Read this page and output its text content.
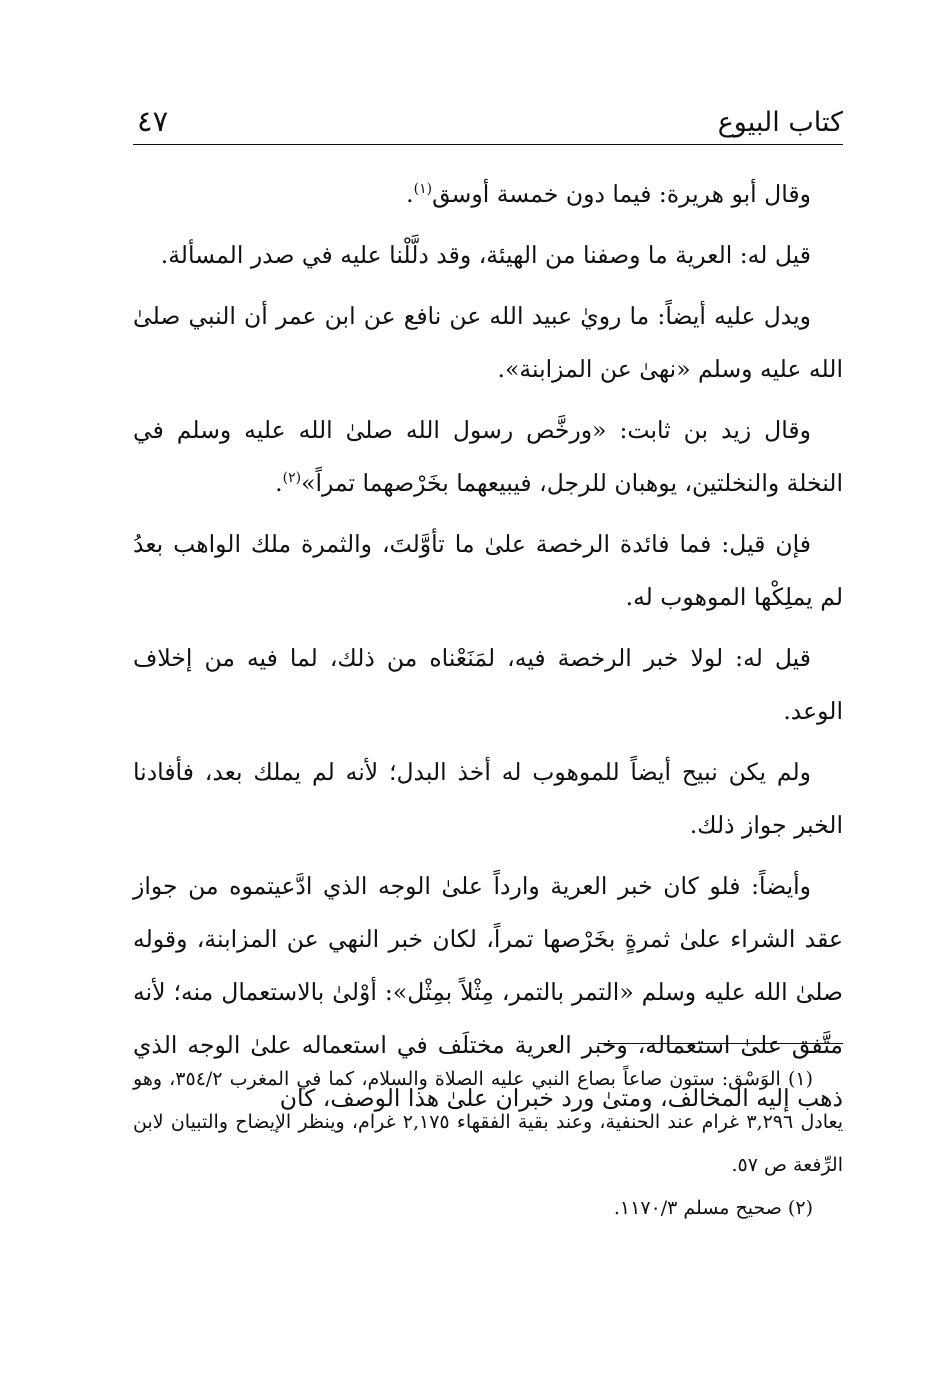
كتاب البيوع
٤٧

وقال أبو هريرة: فيما دون خمسة أوسق$^{(١)}$.

قيل له: العرية ما وصفنا من الهيئة، وقد دلَّلْنا عليه في صدر المسألة.

ويدل عليه أيضاً: ما رويٰ عبيد الله عن نافع عن ابن عمر أن النبي صلىٰ الله عليه وسلم «نهىٰ عن المزابنة».

وقال زيد بن ثابت: «ورخَّص رسول الله صلىٰ الله عليه وسلم في النخلة والنخلتين، يوهبان للرجل، فيبيعهما بخَرْصهما تمراً»$^{(٢)}$.

فإن قيل: فما فائدة الرخصة علىٰ ما تأوَّلتَ، والثمرة ملك الواهب بعدُ لم يملِكْها الموهوب له.

قيل له: لولا خبر الرخصة فيه، لمَنَعْناه من ذلك، لما فيه من إخلاف الوعد.

ولم يكن نبيح أيضاً للموهوب له أخذ البدل؛ لأنه لم يملك بعد، فأفادنا الخبر جواز ذلك.

وأيضاً: فلو كان خبر العرية وارداً علىٰ الوجه الذي ادَّعيتموه من جواز عقد الشراء علىٰ ثمرةٍ بخَرْصها تمراً، لكان خبر النهي عن المزابنة، وقوله صلىٰ الله عليه وسلم «التمر بالتمر، مِثْلاً بمِثْل»: أوْلىٰ بالاستعمال منه؛ لأنه متَّفق علىٰ استعماله، وخبر العرية مختلَف في استعماله علىٰ الوجه الذي ذهب إليه المخالف، ومتىٰ ورد خبران علىٰ هذا الوصف، كان

(١) الوَسْق: ستون صاعاً بصاع النبي عليه الصلاة والسلام، كما في المغرب ٣٥٤/٢، وهو يعادل ٣,٢٩٦ غرام عند الحنفية، وعند بقية الفقهاء ٢,١٧٥ غرام، وينظر الإيضاح والتبيان لابن الرِّفعة ص ٥٧.

(٢) صحيح مسلم ١١٧٠/٣.
